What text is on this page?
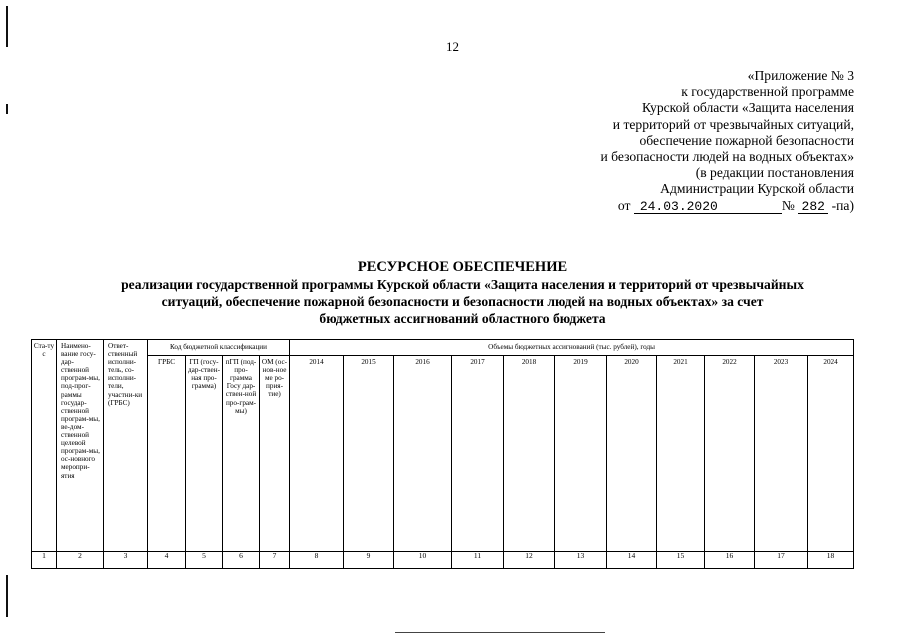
12
«Приложение № 3
к государственной программе
Курской области «Защита населения
и территорий от чрезвычайных ситуаций,
обеспечение пожарной безопасности
и безопасности людей на водных объектах»
(в редакции постановления
Администрации Курской области
от 24.03.2020	№ 282 -па)
РЕСУРСНОЕ ОБЕСПЕЧЕНИЕ
реализации государственной программы Курской области «Защита населения и территорий от чрезвычайных
ситуаций, обеспечение пожарной безопасности и безопасности людей на водных объектах» за счет
бюджетных ассигнований областного бюджета
Ста-тус	Наимено-вание госу-дар-ственной програм-мы, под-прог-раммы государ-ственной програм-мы, ве-дом-ственной целевой програм-мы, ос-новного меропри-ятия	Ответ-ственный исполни-тель, со-исполни-тели, участни-ки (ГРБС)	Код бюджетной классификации				Объемы бюджетных ассигнований (тыс. рублей), годы										

			ГРБС	ГП (госу-дар-ствен-ная про-грамма)	пГП (под-про-грамма Госу дар-ствен-ной про-грам-мы)	ОМ (ос-нов-ное ме ро-прия-тие)	2014	2015	2016	2017	2018	2019	2020	2021	2022	2023	2024

1	2	3	4	5	6	7	8	9	10	11	12	13	14	15	16	17	18
